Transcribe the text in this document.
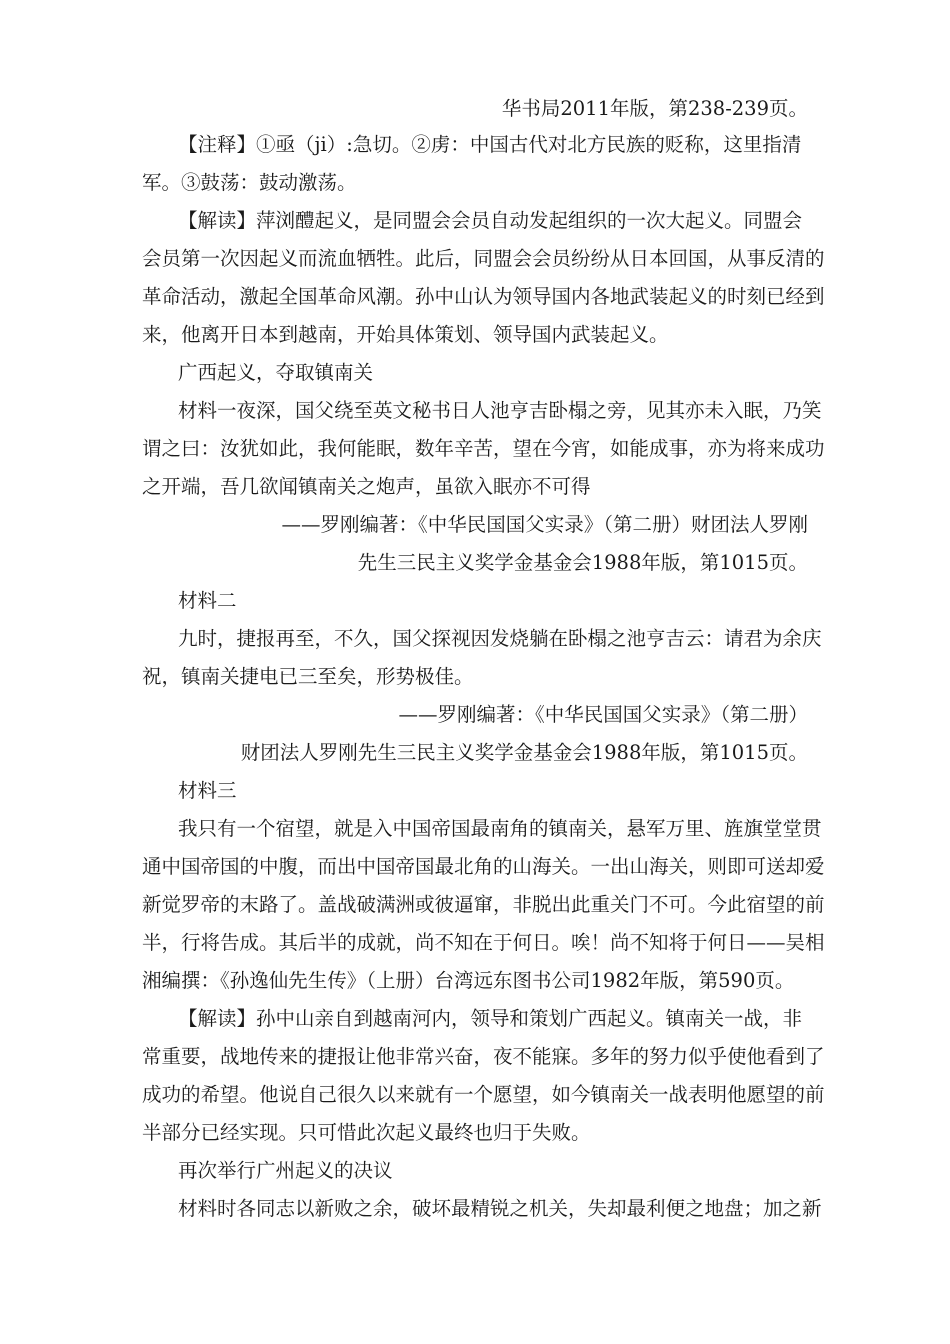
华书局2011年版，第238-239页。
【注释】①亟（ji）:急切。②虏：中国古代对北方民族的贬称，这里指清
军。③鼓荡：鼓动激荡。
【解读】萍浏醴起义，是同盟会会员自动发起组织的一次大起义。同盟会
会员第一次因起义而流血牺牲。此后，同盟会会员纷纷从日本回国，从事反清的
革命活动，激起全国革命风潮。孙中山认为领导国内各地武装起义的时刻已经到
来，他离开日本到越南，开始具体策划、领导国内武装起义。
广西起义，夺取镇南关
材料一夜深，国父绕至英文秘书日人池亨吉卧榻之旁，见其亦未入眠，乃笑
谓之曰：汝犹如此，我何能眠，数年辛苦，望在今宵，如能成事，亦为将来成功
之开端，吾几欲闻镇南关之炮声，虽欲入眠亦不可得
——罗刚编著：《中华民国国父实录》（第二册）财团法人罗刚
先生三民主义奖学金基金会1988年版，第1015页。
材料二
九时，捷报再至，不久，国父探视因发烧躺在卧榻之池亨吉云：请君为余庆
祝，镇南关捷电已三至矣，形势极佳。
——罗刚编著：《中华民国国父实录》（第二册）
财团法人罗刚先生三民主义奖学金基金会1988年版，第1015页。
材料三
我只有一个宿望，就是入中国帝国最南角的镇南关，悬军万里、旌旗堂堂贯
通中国帝国的中腹，而出中国帝国最北角的山海关。一出山海关，则即可送却爱
新觉罗帝的末路了。盖战破满洲或彼逼窜，非脱出此重关门不可。今此宿望的前
半，行将告成。其后半的成就，尚不知在于何日。唉！尚不知将于何日——吴相
湘编撰：《孙逸仙先生传》（上册）台湾远东图书公司1982年版，第590页。
【解读】孙中山亲自到越南河内，领导和策划广西起义。镇南关一战，非
常重要，战地传来的捷报让他非常兴奋，夜不能寐。多年的努力似乎使他看到了
成功的希望。他说自己很久以来就有一个愿望，如今镇南关一战表明他愿望的前
半部分已经实现。只可惜此次起义最终也归于失败。
再次举行广州起义的决议
材料时各同志以新败之余，破坏最精锐之机关，失却最利便之地盘；加之新
